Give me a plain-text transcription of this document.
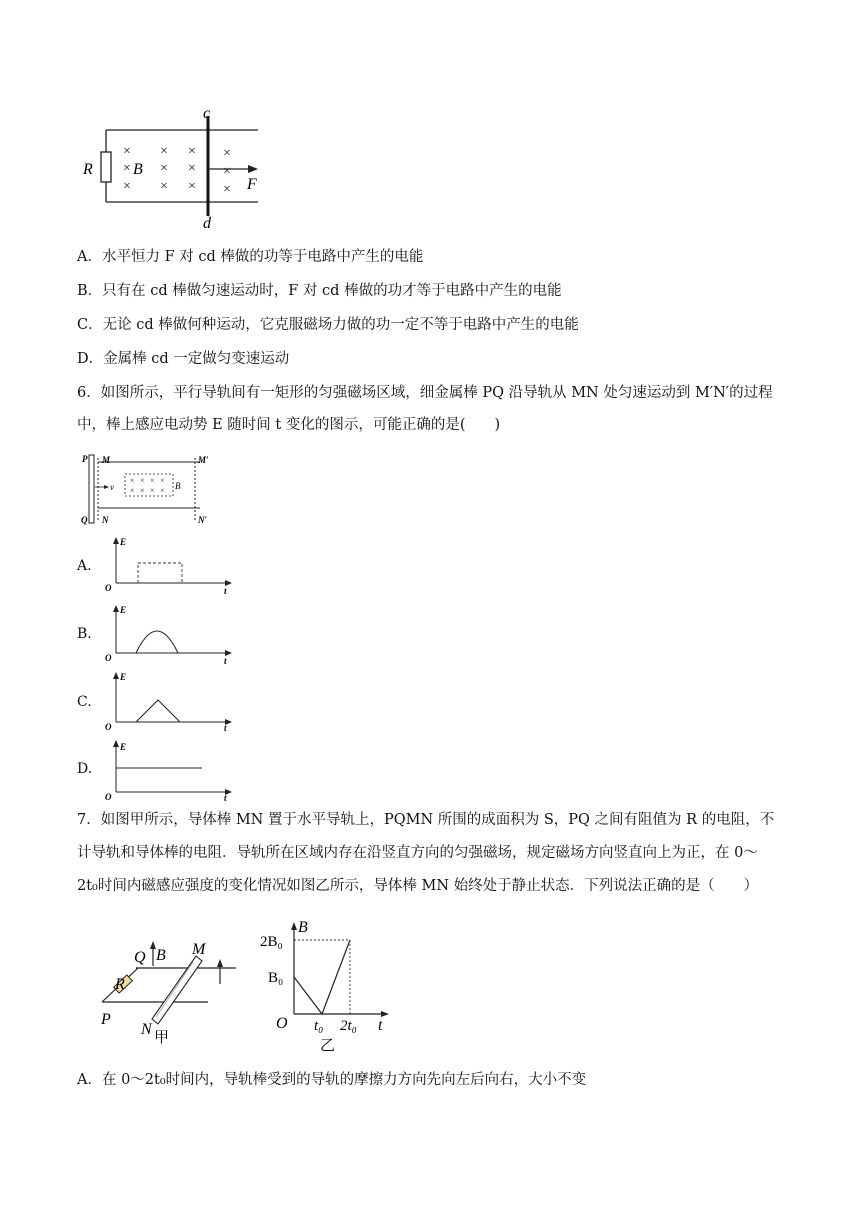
× × × ×
× × × ×
× × × ×
c
d
R	B
F
A．水平恒力 F 对 cd 棒做的功等于电路中产生的电能
B．只有在 cd 棒做匀速运动时，F 对 cd 棒做的功才等于电路中产生的电能
C．无论 cd 棒做何种运动，它克服磁场力做的功一定不等于电路中产生的电能
D．金属棒 cd 一定做匀变速运动
6．如图所示，平行导轨间有一矩形的匀强磁场区域，细金属棒 PQ 沿导轨从 MN 处匀速运动到 M′N′的过程
中，棒上感应电动势 E 随时间 t 变化的图示，可能正确的是(　　)
× × × ×
× × × ×
v	B
P
Q
M
N
M′
N′
A.
E
O	t
B.
E
O	t
C.
E
O	t
D.
E
O	t
7．如图甲所示，导体棒 MN 置于水平导轨上，PQMN 所围的成面积为 S，PQ 之间有阻值为 R 的电阻，不
计导轨和导体棒的电阻．导轨所在区域内存在沿竖直方向的匀强磁场，规定磁场方向竖直向上为正，在 0～
2t₀时间内磁感应强度的变化情况如图乙所示，导体棒 MN 始终处于静止状态．下列说法正确的是（　　）
Q B M
R
P
N 甲
B
2B₀
B₀
O t₀ 2t₀ t
乙
A．在 0～2t₀时间内，导轨棒受到的导轨的摩擦力方向先向左后向右，大小不变
